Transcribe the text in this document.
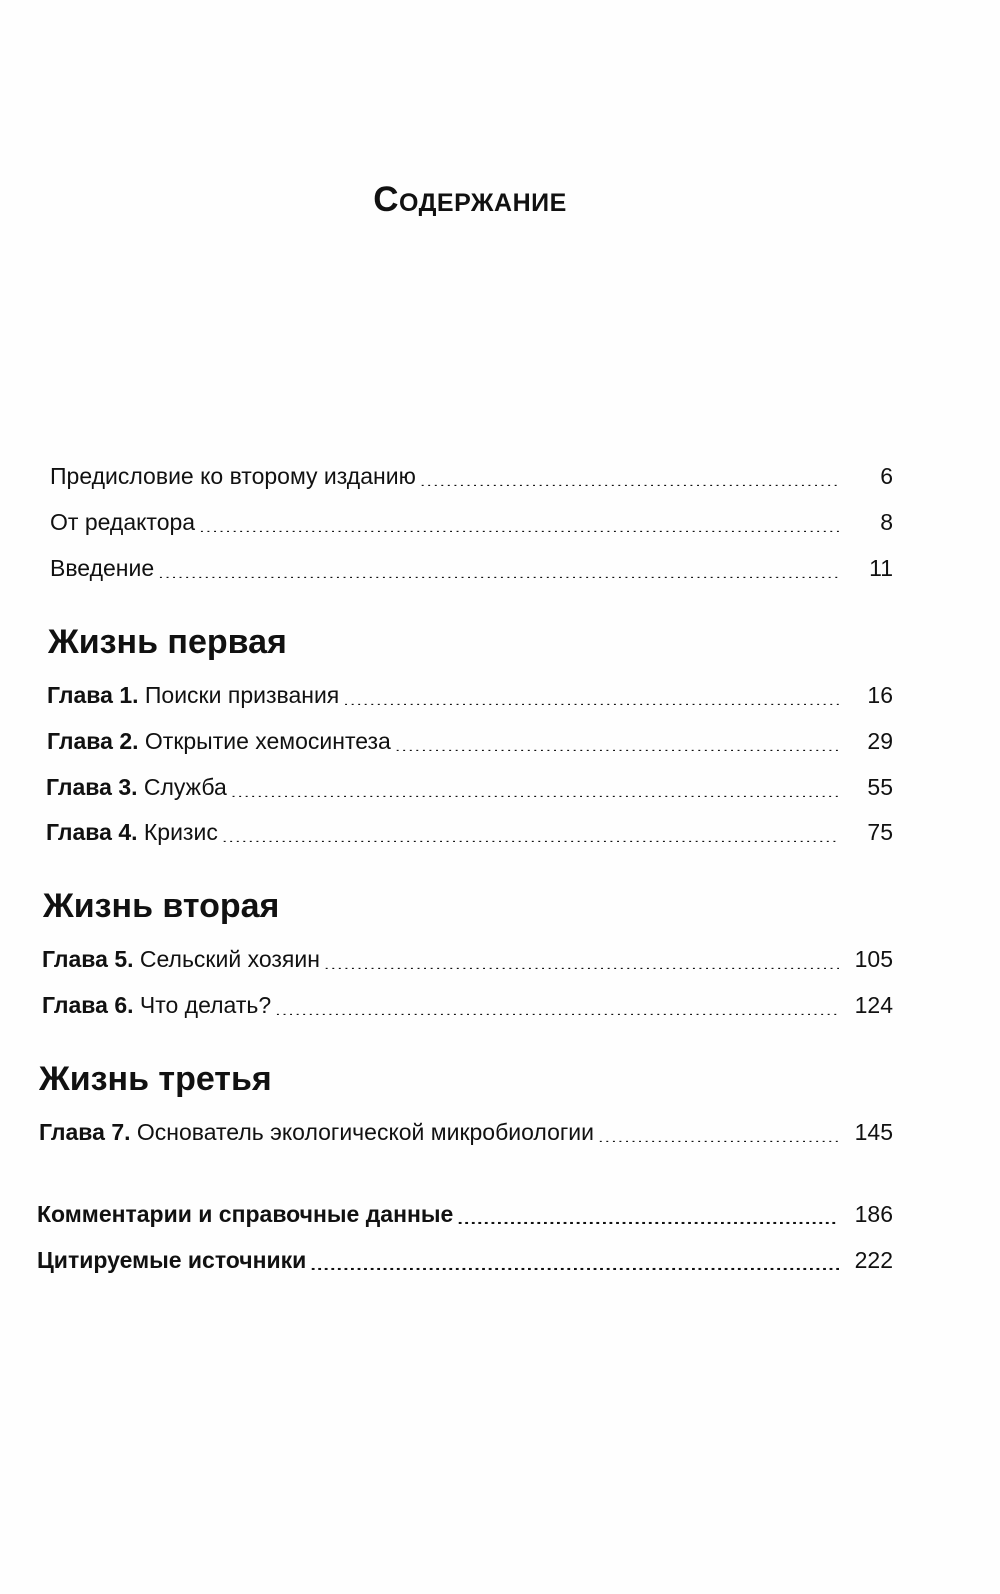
Содержание
Предисловие ко второму изданию .....	6
От редактора .....	8
Введение .....	11
Жизнь первая
Глава 1. Поиски призвания .....	16
Глава 2. Открытие хемосинтеза .....	29
Глава 3. Служба .....	55
Глава 4. Кризис .....	75
Жизнь вторая
Глава 5. Сельский хозяин .....	105
Глава 6. Что делать? .....	124
Жизнь третья
Глава 7. Основатель экологической микробиологии .....	145
Комментарии и справочные данные .....	186
Цитируемые источники .....	222
